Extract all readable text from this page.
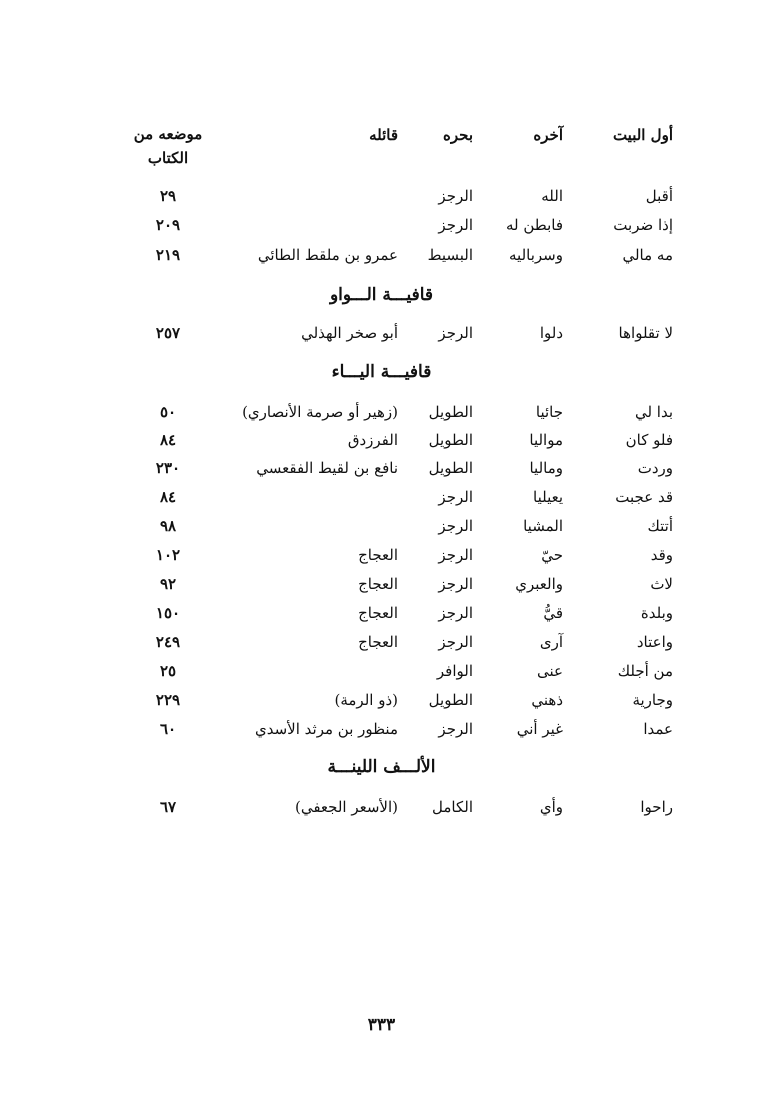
أول البيت
آخره
بحره
قائله
موضعه من الكتاب
أقبل
الله
الرجز
٢٩
إذا ضربت
فابطن له
الرجز
٢٠٩
مه مالي
وسرباليه
البسيط
عمرو بن ملقط الطائي
٢١٩
قافيـــة الـــواو
لا تقلواها
دلوا
الرجز
أبو صخر الهذلي
٢٥٧
قافيـــة اليـــاء
بدا لي
جائيا
الطويل
(زهير أو صرمة الأنصاري)
٥٠
فلو كان
مواليا
الطويل
الفرزدق
٨٤
وردت
وماليا
الطويل
نافع بن لقيط الفقعسي
٢٣٠
قد عجبت
يعيليا
الرجز
٨٤
أتتك
المشيا
الرجز
٩٨
وقد
حيّ
الرجز
العجاج
١٠٢
لاث
والعبري
الرجز
العجاج
٩٢
وبلدة
قيُّ
الرجز
العجاج
١٥٠
واعتاد
آرى
الرجز
العجاج
٢٤٩
من أجلك
عنى
الوافر
٢٥
وجارية
ذهني
الطويل
(ذو الرمة)
٢٢٩
عمدا
غير أني
الرجز
منظور بن مرثد الأسدي
٦٠
الألـــف اللينـــة
راحوا
وأي
الكامل
(الأسعر الجعفي)
٦٧
٣٣٣
